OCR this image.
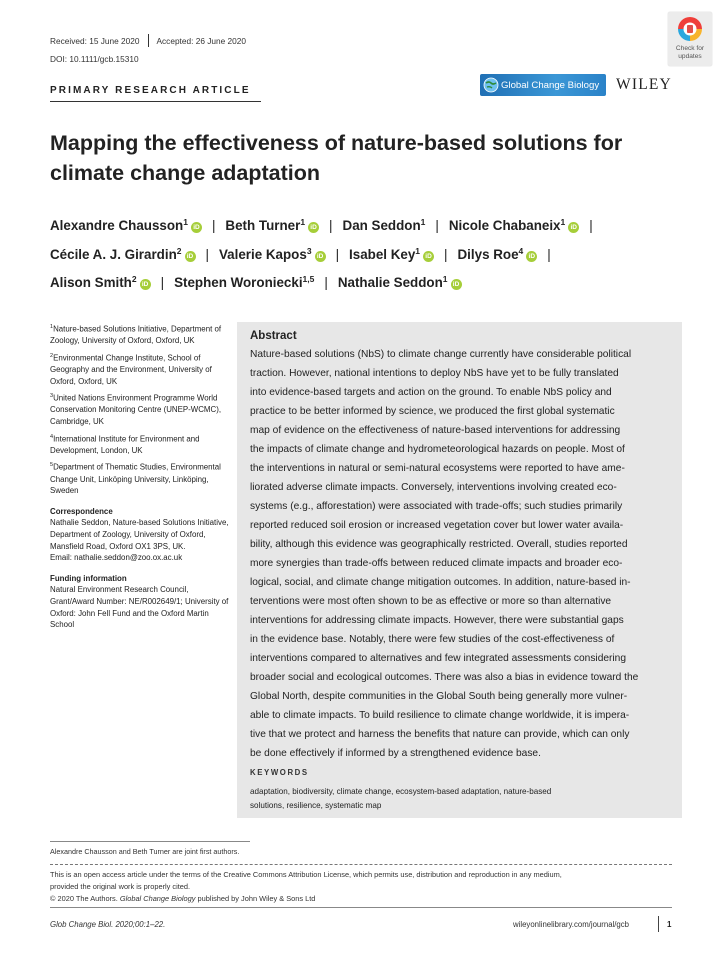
Received: 15 June 2020 Accepted: 26 June 2020
DOI: 10.1111/gcb.15310
PRIMARY RESEARCH ARTICLE
Check for
updates
Global Change Biology WILEY
Mapping the effectiveness of nature-based solutions for
climate change adaptation
Alexandre Chausson$^1$iD | Beth Turner$^1$iD | Dan Seddon$^1$ | Nicole Chabaneix$^1$iD |
Cécile A. J. Girardin$^2$iD | Valerie Kapos$^3$iD | Isabel Key$^1$iD | Dilys Roe$^4$iD |
Alison Smith$^2$iD | Stephen Woroniecki$^{1,5}$ | Nathalie Seddon$^1$iD
$^1$Nature-based Solutions Initiative, Department of Zoology, University of Oxford, Oxford, UK
$^2$Environmental Change Institute, School of Geography and the Environment, University of Oxford, Oxford, UK
$^3$United Nations Environment Programme World Conservation Monitoring Centre (UNEP-WCMC), Cambridge, UK
$^4$International Institute for Environment and Development, London, UK
$^5$Department of Thematic Studies, Environmental Change Unit, Linköping University, Linköping, Sweden
Correspondence
Nathalie Seddon, Nature-based Solutions Initiative, Department of Zoology, University of Oxford, Mansfield Road, Oxford OX1 3PS, UK.
Email: nathalie.seddon@zoo.ox.ac.uk
Funding information
Natural Environment Research Council, Grant/Award Number: NE/R002649/1; University of Oxford: John Fell Fund and the Oxford Martin School
Abstract
Nature-based solutions (NbS) to climate change currently have considerable political
traction. However, national intentions to deploy NbS have yet to be fully translated
into evidence-based targets and action on the ground. To enable NbS policy and
practice to be better informed by science, we produced the first global systematic
map of evidence on the effectiveness of nature-based interventions for addressing
the impacts of climate change and hydrometeorological hazards on people. Most of
the interventions in natural or semi-natural ecosystems were reported to have ame-
liorated adverse climate impacts. Conversely, interventions involving created eco-
systems (e.g., afforestation) were associated with trade-offs; such studies primarily
reported reduced soil erosion or increased vegetation cover but lower water availa-
bility, although this evidence was geographically restricted. Overall, studies reported
more synergies than trade-offs between reduced climate impacts and broader eco-
logical, social, and climate change mitigation outcomes. In addition, nature-based in-
terventions were most often shown to be as effective or more so than alternative
interventions for addressing climate impacts. However, there were substantial gaps
in the evidence base. Notably, there were few studies of the cost-effectiveness of
interventions compared to alternatives and few integrated assessments considering
broader social and ecological outcomes. There was also a bias in evidence toward the
Global North, despite communities in the Global South being generally more vulner-
able to climate impacts. To build resilience to climate change worldwide, it is impera-
tive that we protect and harness the benefits that nature can provide, which can only
be done effectively if informed by a strengthened evidence base.
KEYWORDS
adaptation, biodiversity, climate change, ecosystem-based adaptation, nature-based
solutions, resilience, systematic map
Alexandre Chausson and Beth Turner are joint first authors.
This is an open access article under the terms of the Creative Commons Attribution License, which permits use, distribution and reproduction in any medium,
provided the original work is properly cited.
© 2020 The Authors. Global Change Biology published by John Wiley & Sons Ltd
Glob Change Biol. 2020;00:1–22.	wileyonlinelibrary.com/journal/gcb	1
